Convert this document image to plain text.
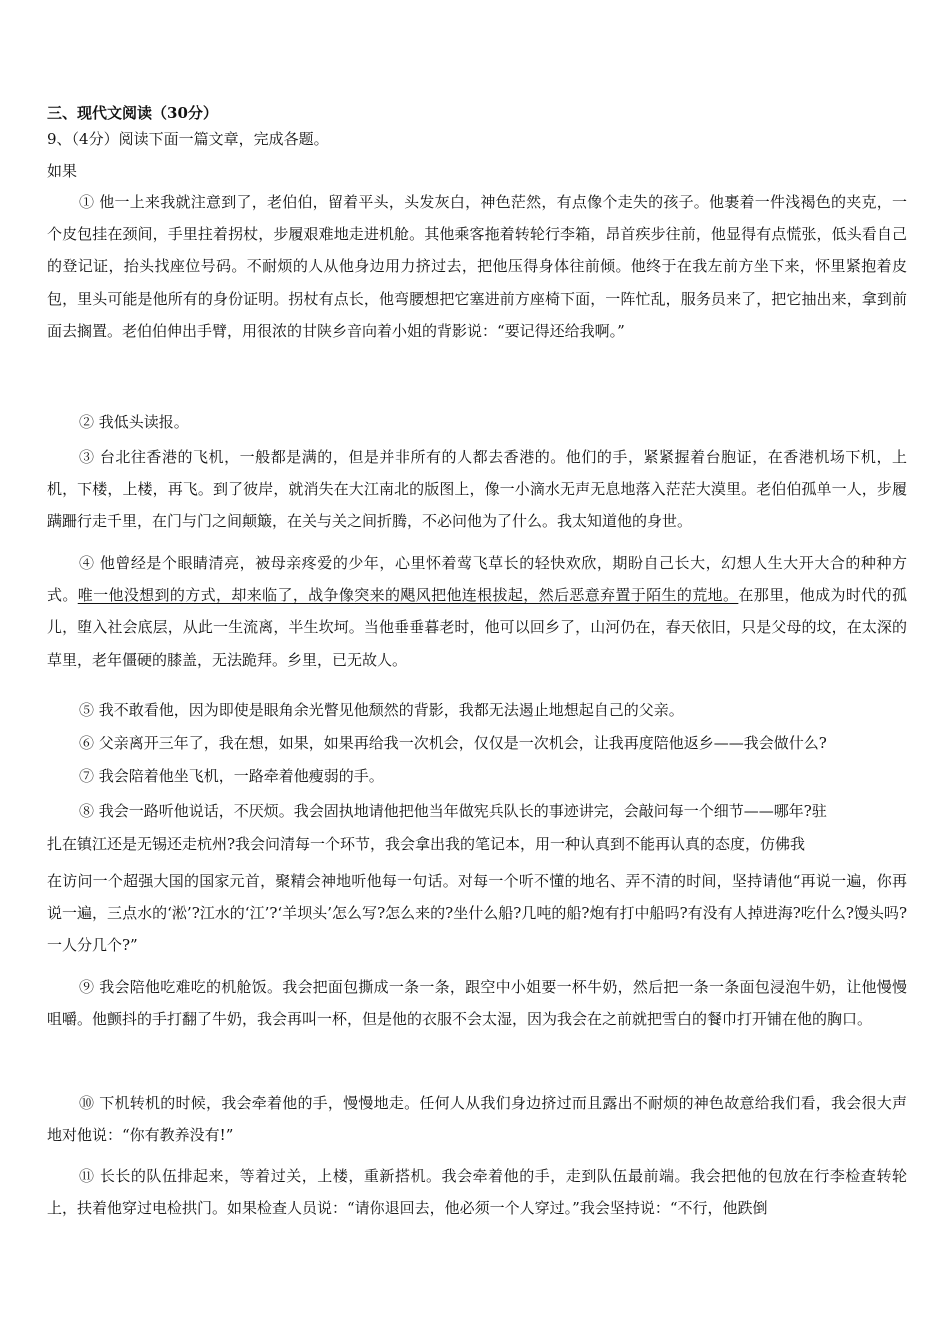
三、现代文阅读（30分）
9、（4分）阅读下面一篇文章，完成各题。
如果
① 他一上来我就注意到了，老伯伯，留着平头，头发灰白，神色茫然，有点像个走失的孩子。他裹着一件浅褐色的夹克，一个皮包挂在颈间，手里拄着拐杖，步履艰难地走进机舱。其他乘客拖着转轮行李箱，昂首疾步往前，他显得有点慌张，低头看自己的登记证，抬头找座位号码。不耐烦的人从他身边用力挤过去，把他压得身体往前倾。他终于在我左前方坐下来，怀里紧抱着皮包，里头可能是他所有的身份证明。拐杖有点长，他弯腰想把它塞进前方座椅下面，一阵忙乱，服务员来了，把它抽出来，拿到前面去搁置。老伯伯伸出手臂，用很浓的甘陕乡音向着小姐的背影说：“要记得还给我啊。”
② 我低头读报。
③ 台北往香港的飞机，一般都是满的，但是并非所有的人都去香港的。他们的手，紧紧握着台胞证，在香港机场下机，上机，下楼，上楼，再飞。到了彼岸，就消失在大江南北的版图上，像一小滴水无声无息地落入茫茫大漠里。老伯伯孤单一人，步履蹒跚行走千里，在门与门之间颠簸，在关与关之间折腾，不必问他为了什么。我太知道他的身世。
④ 他曾经是个眼睛清亮，被母亲疼爱的少年，心里怀着莺飞草长的轻快欢欣，期盼自己长大，幻想人生大开大合的种种方式。唯一他没想到的方式，却来临了，战争像突来的飓风把他连根拔起，然后恶意弃置于陌生的荒地。在那里，他成为时代的孤儿，堕入社会底层，从此一生流离，半生坎坷。当他垂垂暮老时，他可以回乡了，山河仍在，春天依旧，只是父母的坟，在太深的草里，老年僵硬的膝盖，无法跪拜。乡里，已无故人。
⑤ 我不敢看他，因为即使是眼角余光瞥见他颓然的背影，我都无法遏止地想起自己的父亲。
⑥ 父亲离开三年了，我在想，如果，如果再给我一次机会，仅仅是一次机会，让我再度陪他返乡——我会做什么?
⑦ 我会陪着他坐飞机，一路牵着他瘦弱的手。
⑧ 我会一路听他说话，不厌烦。我会固执地请他把他当年做宪兵队长的事迹讲完，会敲问每一个细节——哪年?驻
扎在镇江还是无锡还走杭州?我会问清每一个环节，我会拿出我的笔记本，用一种认真到不能再认真的态度，仿佛我
在访问一个超强大国的国家元首，聚精会神地听他每一句话。对每一个听不懂的地名、弄不清的时间，坚持请他“再说一遍，你再说一遍，三点水的‘淞’?江水的‘江’?‘羊坝头’怎么写?怎么来的?坐什么船?几吨的船?炮有打中船吗?有没有人掉进海?吃什么?馒头吗?一人分几个?”
⑨ 我会陪他吃难吃的机舱饭。我会把面包撕成一条一条，跟空中小姐要一杯牛奶，然后把一条一条面包浸泡牛奶，让他慢慢咀嚼。他颤抖的手打翻了牛奶，我会再叫一杯，但是他的衣服不会太湿，因为我会在之前就把雪白的餐巾打开铺在他的胸口。
⑩ 下机转机的时候，我会牵着他的手，慢慢地走。任何人从我们身边挤过而且露出不耐烦的神色故意给我们看，我会很大声地对他说：“你有教养没有!”
⑪ 长长的队伍排起来，等着过关，上楼，重新搭机。我会牵着他的手，走到队伍最前端。我会把他的包放在行李检查转轮上，扶着他穿过电检拱门。如果检查人员说：“请你退回去，他必须一个人穿过。”我会坚持说：“不行，他跌倒
